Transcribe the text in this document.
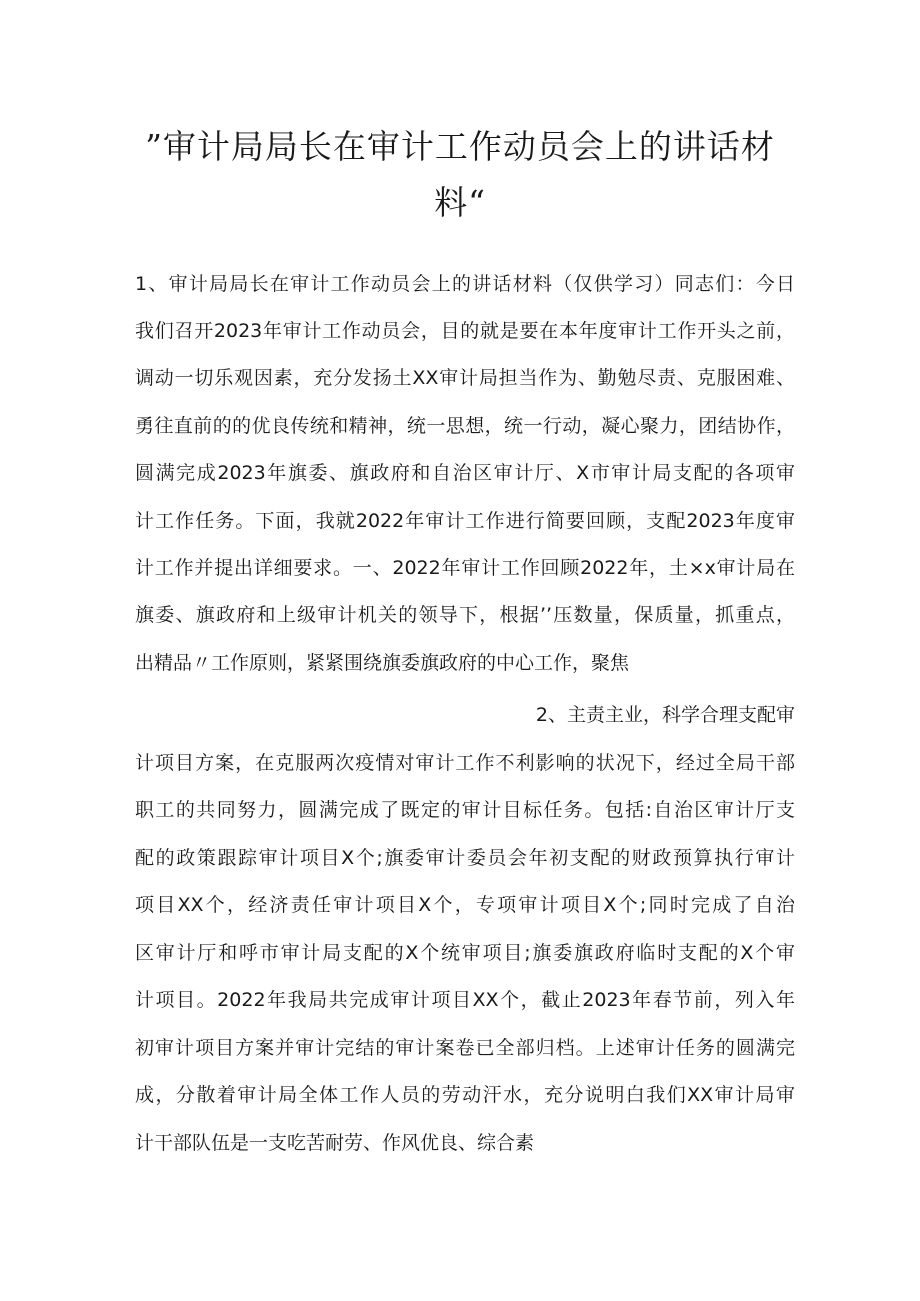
”审计局局长在审计工作动员会上的讲话材
料“
1、审计局局长在审计工作动员会上的讲话材料（仅供学习）同志们：今日
我们召开2023年审计工作动员会，目的就是要在本年度审计工作开头之前，
调动一切乐观因素，充分发扬土XX审计局担当作为、勤勉尽责、克服困难、
勇往直前的的优良传统和精神，统一思想，统一行动，凝心聚力，团结协作，
圆满完成2023年旗委、旗政府和自治区审计厅、X市审计局支配的各项审
计工作任务。下面，我就2022年审计工作进行简要回顾，支配2023年度审
计工作并提出详细要求。一、2022年审计工作回顾2022年，土×x审计局在
旗委、旗政府和上级审计机关的领导下，根据’’压数量，保质量，抓重点，
出精品〃工作原则，紧紧围绕旗委旗政府的中心工作，聚焦
2、主责主业，科学合理支配审
计项目方案，在克服两次疫情对审计工作不利影响的状况下，经过全局干部
职工的共同努力，圆满完成了既定的审计目标任务。包括:自治区审计厅支
配的政策跟踪审计项目X个;旗委审计委员会年初支配的财政预算执行审计
项目XX个，经济责任审计项目X个，专项审计项目X个;同时完成了自治
区审计厅和呼市审计局支配的X个统审项目;旗委旗政府临时支配的X个审
计项目。2022年我局共完成审计项目XX个，截止2023年春节前，列入年
初审计项目方案并审计完结的审计案卷已全部归档。上述审计任务的圆满完
成，分散着审计局全体工作人员的劳动汗水，充分说明白我们XX审计局审
计干部队伍是一支吃苦耐劳、作风优良、综合素
